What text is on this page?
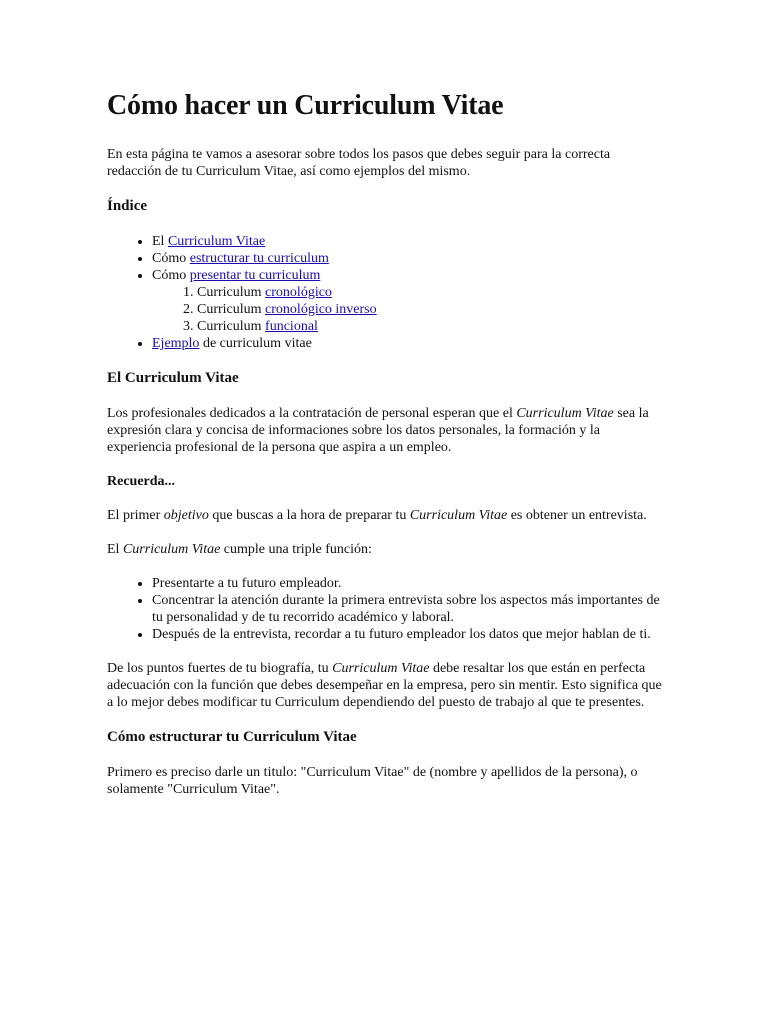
Cómo hacer un Curriculum Vitae

En esta página te vamos a asesorar sobre todos los pasos que debes seguir para la correcta redacción de tu Curriculum Vitae, así como ejemplos del mismo.

Índice
• El Curriculum Vitae
• Cómo estructurar tu curriculum
• Cómo presentar tu curriculum
1. Curriculum cronológico
2. Curriculum cronológico inverso
3. Curriculum funcional
• Ejemplo de curriculum vitae
El Curriculum Vitae

Los profesionales dedicados a la contratación de personal esperan que el Curriculum Vitae sea la expresión clara y concisa de informaciones sobre los datos personales, la formación y la experiencia profesional de la persona que aspira a un empleo.

Recuerda...

El primer objetivo que buscas a la hora de preparar tu Curriculum Vitae es obtener un entrevista.

El Curriculum Vitae cumple una triple función:

• Presentarte a tu futuro empleador.
• Concentrar la atención durante la primera entrevista sobre los aspectos más importantes de tu personalidad y de tu recorrido académico y laboral.
• Después de la entrevista, recordar a tu futuro empleador los datos que mejor hablan de ti.

De los puntos fuertes de tu biografía, tu Curriculum Vitae debe resaltar los que están en perfecta adecuación con la función que debes desempeñar en la empresa, pero sin mentir. Esto significa que a lo mejor debes modificar tu Curriculum dependiendo del puesto de trabajo al que te presentes.

Cómo estructurar tu Curriculum Vitae

Primero es preciso darle un titulo: "Curriculum Vitae" de (nombre y apellidos de la persona), o solamente "Curriculum Vitae".
